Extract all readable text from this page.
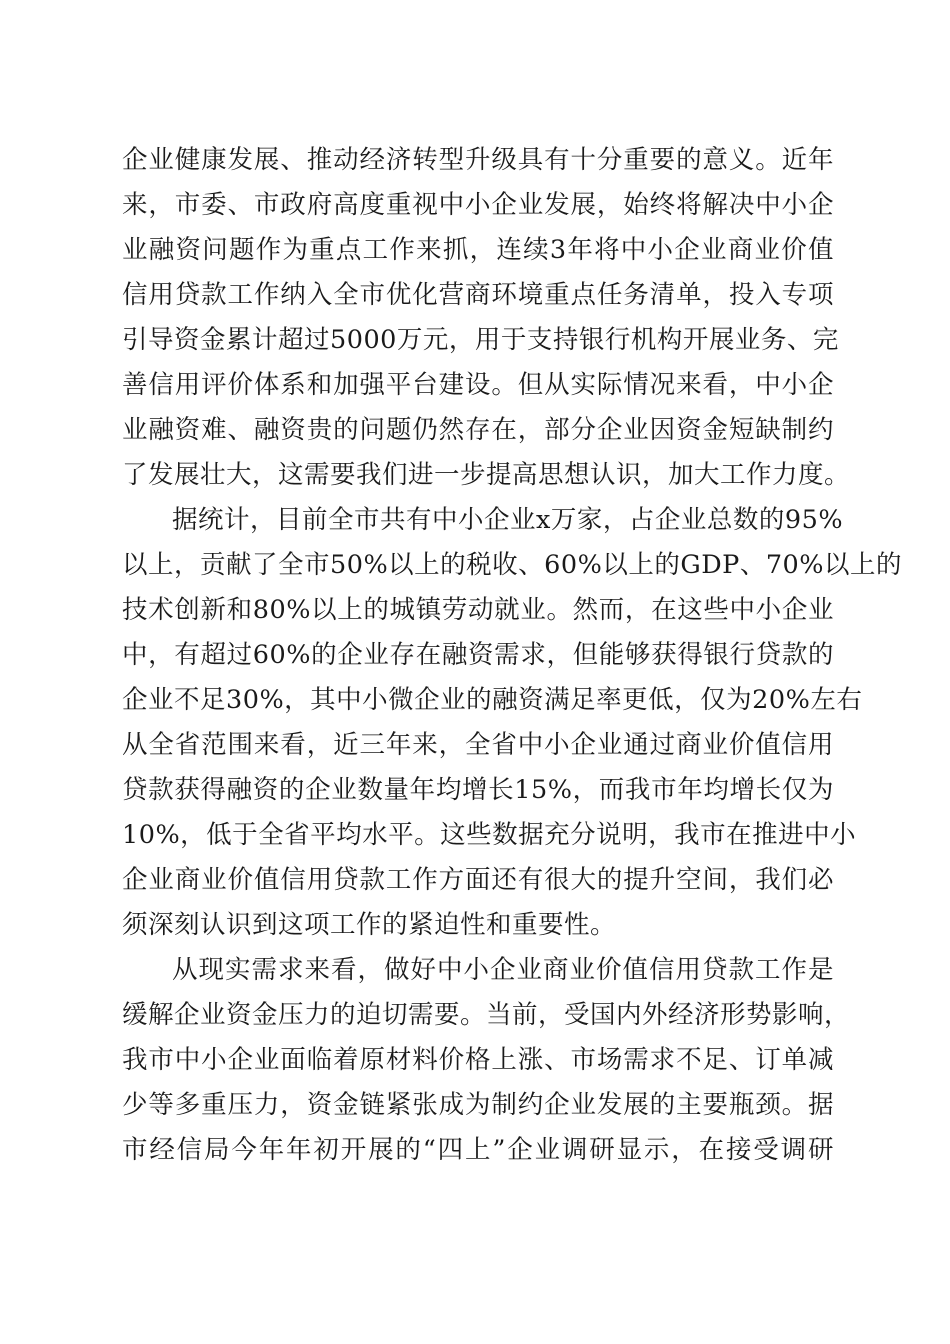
企业健康发展、推动经济转型升级具有十分重要的意义。近年
来，市委、市政府高度重视中小企业发展，始终将解决中小企
业融资问题作为重点工作来抓，连续3年将中小企业商业价值
信用贷款工作纳入全市优化营商环境重点任务清单，投入专项
引导资金累计超过5000万元，用于支持银行机构开展业务、完
善信用评价体系和加强平台建设。但从实际情况来看，中小企
业融资难、融资贵的问题仍然存在，部分企业因资金短缺制约
了发展壮大，这需要我们进一步提高思想认识，加大工作力度。
据统计，目前全市共有中小企业x万家，占企业总数的95%
以上，贡献了全市50%以上的税收、60%以上的GDP、70%以上的
技术创新和80%以上的城镇劳动就业。然而，在这些中小企业
中，有超过60%的企业存在融资需求，但能够获得银行贷款的
企业不足30%，其中小微企业的融资满足率更低，仅为20%左右
从全省范围来看，近三年来，全省中小企业通过商业价值信用
贷款获得融资的企业数量年均增长15%，而我市年均增长仅为
10%，低于全省平均水平。这些数据充分说明，我市在推进中小
企业商业价值信用贷款工作方面还有很大的提升空间，我们必
须深刻认识到这项工作的紧迫性和重要性。
从现实需求来看，做好中小企业商业价值信用贷款工作是
缓解企业资金压力的迫切需要。当前，受国内外经济形势影响，
我市中小企业面临着原材料价格上涨、市场需求不足、订单减
少等多重压力，资金链紧张成为制约企业发展的主要瓶颈。据
市经信局今年年初开展的“四上”企业调研显示，在接受调研
